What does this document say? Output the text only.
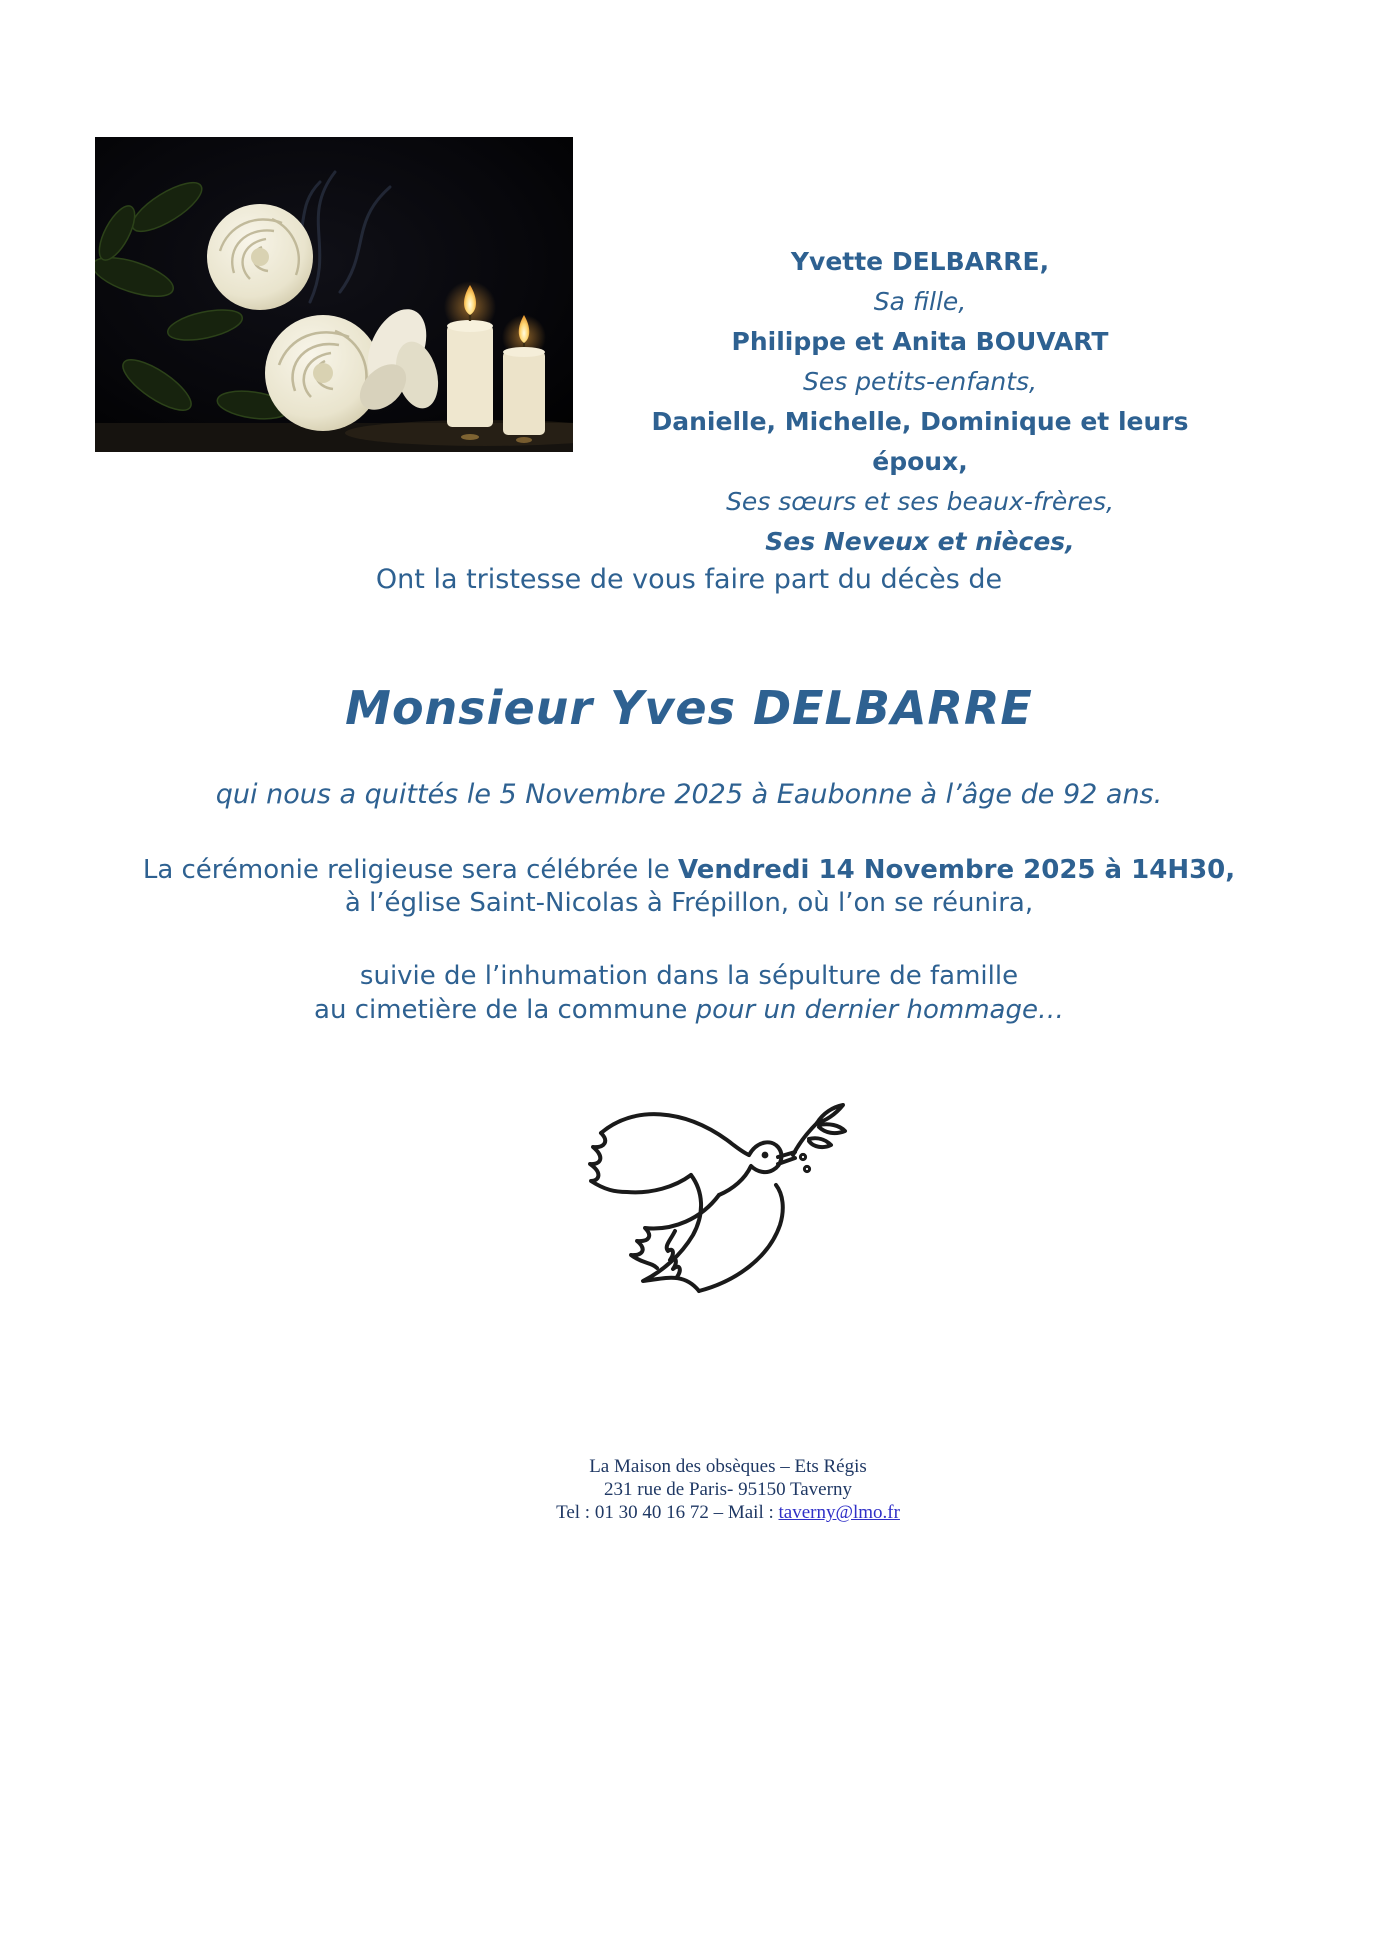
Yvette DELBARRE,
Sa fille,
Philippe et Anita BOUVART
Ses petits-enfants,
Danielle, Michelle, Dominique et leurs époux,
Ses sœurs et ses beaux-frères,
Ses Neveux et nièces,
Ont la tristesse de vous faire part du décès de
Monsieur Yves DELBARRE
qui nous a quittés le 5 Novembre 2025 à Eaubonne à l’âge de 92 ans.
La cérémonie religieuse sera célébrée le Vendredi 14 Novembre 2025 à 14H30,
à l’église Saint-Nicolas à Frépillon, où l’on se réunira,
suivie de l’inhumation dans la sépulture de famille
au cimetière de la commune pour un dernier hommage…
La Maison des obsèques – Ets Régis
231 rue de Paris- 95150 Taverny
Tel : 01 30 40 16 72 – Mail : taverny@lmo.fr
